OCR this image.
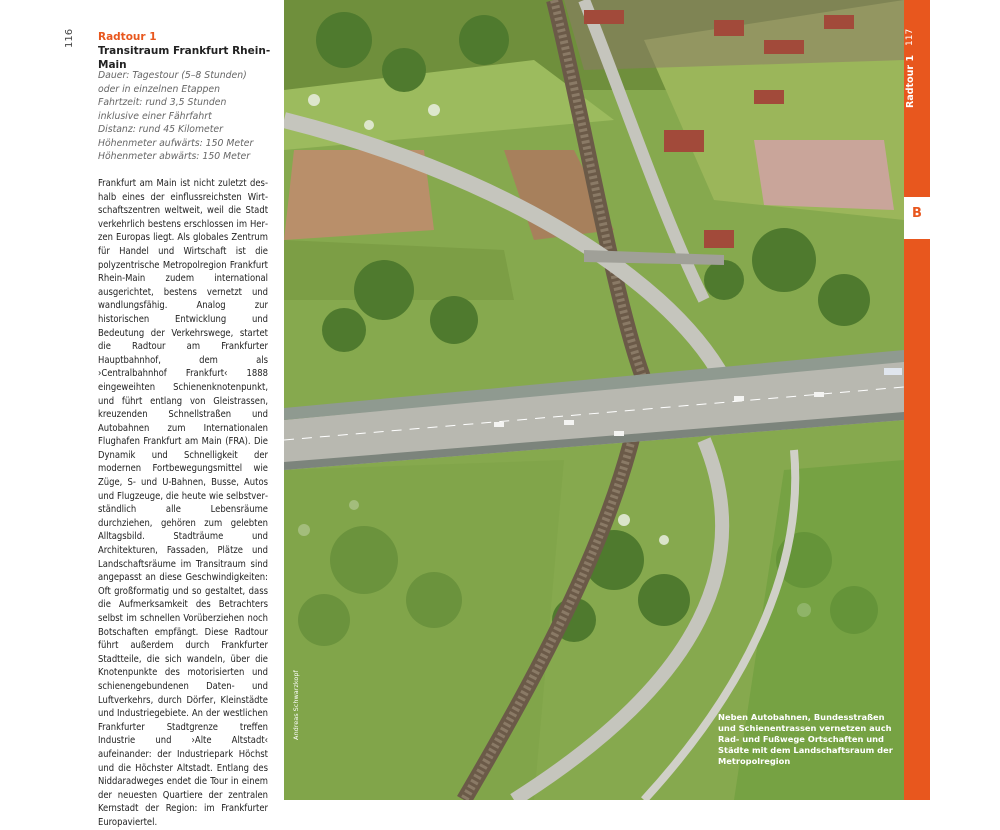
116 Radtour 1

Transitraum Frankfurt Rhein-Main

Dauer: Tagestour (5–8 Stunden)
oder in einzelnen Etappen
Fahrtzeit: rund 3,5 Stunden
inklusive einer Fährfahrt
Distanz: rund 45 Kilometer
Höhenmeter aufwärts: 150 Meter
Höhenmeter abwärts: 150 Meter
Frankfurt am Main ist nicht zuletzt deshalb eines der einflussreichsten Wirtschaftszentren weltweit, weil die Stadt verkehrlich bestens erschlossen im Herzen Europas liegt. Als globales Zentrum für Handel und Wirtschaft ist die polyzentrische Metropolregion Frankfurt Rhein-Main zudem international ausgerichtet, bestens vernetzt und wandlungsfähig. Analog zur historischen Entwicklung und Bedeutung der Verkehrswege, startet die Radtour am Frankfurter Hauptbahnhof, dem als ›Centralbahnhof Frankfurt‹ 1888 eingeweihten Schienenknotenpunkt, und führt entlang von Gleistrassen, kreuzenden Schnellstraßen und Autobahnen zum Internationalen Flughafen Frankfurt am Main (FRA). Die Dynamik und Schnelligkeit der modernen Fortbewegungsmittel wie Züge, S- und U-Bahnen, Busse, Autos und Flugzeuge, die heute wie selbstverständlich alle Lebensräume durchziehen, gehören zum gelebten Alltagsbild. Stadträume und Architekturen, Fassaden, Plätze und Landschaftsräume im Transitraum sind angepasst an diese Geschwindigkeiten: Oft großformatig und so gestaltet, dass die Aufmerksamkeit des Betrachters selbst im schnellen Vorüberziehen noch Botschaften empfängt. Diese Radtour führt außerdem durch Frankfurter Stadtteile, die sich wandeln, über die Knotenpunkte des motorisierten und schienengebundenen Daten- und Luftverkehrs, durch Dörfer, Kleinstädte und Industriegebiete. An der westlichen Frankfurter Stadtgrenze treffen Industrie und ›Alte Altstadt‹ aufeinander: der Industriepark Höchst und die Höchster Altstadt. Entlang des Niddaradweges endet die Tour in einem der neuesten Quartiere der zentralen Kernstadt der Region: im Frankfurter Europaviertel.
Andreas Schwarzkopf	Neben Autobahnen, Bundesstraßen und Schienentrassen vernetzen auch Rad- und Fußwege Ortschaften und Städte mit dem Landschaftsraum der Metropolregion
B
117
Radtour 1
